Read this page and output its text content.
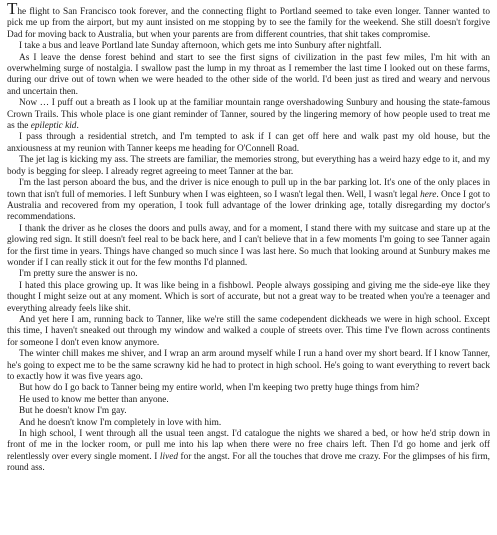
The flight to San Francisco took forever, and the connecting flight to Portland seemed to take even longer. Tanner wanted to pick me up from the airport, but my aunt insisted on me stopping by to see the family for the weekend. She still doesn't forgive Dad for moving back to Australia, but when your parents are from different countries, that shit takes compromise.

I take a bus and leave Portland late Sunday afternoon, which gets me into Sunbury after nightfall.

As I leave the dense forest behind and start to see the first signs of civilization in the past few miles, I'm hit with an overwhelming surge of nostalgia. I swallow past the lump in my throat as I remember the last time I looked out on these farms, during our drive out of town when we were headed to the other side of the world. I'd been just as tired and weary and nervous and uncertain then.

Now … I puff out a breath as I look up at the familiar mountain range overshadowing Sunbury and housing the state-famous Crown Trails. This whole place is one giant reminder of Tanner, soured by the lingering memory of how people used to treat me as the epileptic kid.

I pass through a residential stretch, and I'm tempted to ask if I can get off here and walk past my old house, but the anxiousness at my reunion with Tanner keeps me heading for O'Connell Road.

The jet lag is kicking my ass. The streets are familiar, the memories strong, but everything has a weird hazy edge to it, and my body is begging for sleep. I already regret agreeing to meet Tanner at the bar.

I'm the last person aboard the bus, and the driver is nice enough to pull up in the bar parking lot. It's one of the only places in town that isn't full of memories. I left Sunbury when I was eighteen, so I wasn't legal then. Well, I wasn't legal here. Once I got to Australia and recovered from my operation, I took full advantage of the lower drinking age, totally disregarding my doctor's recommendations.

I thank the driver as he closes the doors and pulls away, and for a moment, I stand there with my suitcase and stare up at the glowing red sign. It still doesn't feel real to be back here, and I can't believe that in a few moments I'm going to see Tanner again for the first time in years. Things have changed so much since I was last here. So much that looking around at Sunbury makes me wonder if I can really stick it out for the few months I'd planned.

I'm pretty sure the answer is no.

I hated this place growing up. It was like being in a fishbowl. People always gossiping and giving me the side-eye like they thought I might seize out at any moment. Which is sort of accurate, but not a great way to be treated when you're a teenager and everything already feels like shit.

And yet here I am, running back to Tanner, like we're still the same codependent dickheads we were in high school. Except this time, I haven't sneaked out through my window and walked a couple of streets over. This time I've flown across continents for someone I don't even know anymore.

The winter chill makes me shiver, and I wrap an arm around myself while I run a hand over my short beard. If I know Tanner, he's going to expect me to be the same scrawny kid he had to protect in high school. He's going to want everything to revert back to exactly how it was five years ago.

But how do I go back to Tanner being my entire world, when I'm keeping two pretty huge things from him?

He used to know me better than anyone.

But he doesn't know I'm gay.

And he doesn't know I'm completely in love with him.

In high school, I went through all the usual teen angst. I'd catalogue the nights we shared a bed, or how he'd strip down in front of me in the locker room, or pull me into his lap when there were no free chairs left. Then I'd go home and jerk off relentlessly over every single moment. I lived for the angst. For all the touches that drove me crazy. For the glimpses of his firm, round ass.
